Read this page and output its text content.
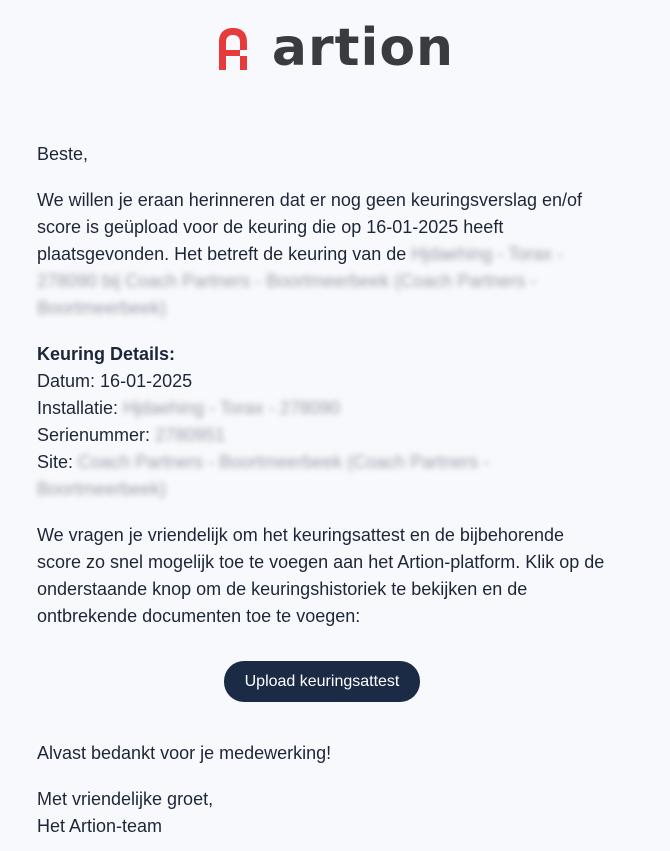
artion

Beste,

We willen je eraan herinneren dat er nog geen keuringsverslag en/of score is geüpload voor de keuring die op 16-01-2025 heeft plaatsgevonden. Het betreft de keuring van de Hjdaehing - Torax - 278090 bij Coach Partners - Boortmeerbeek (Coach Partners - Boortmeerbeek)

Keuring Details:
Datum: 16-01-2025
Installatie: Hjdaehing - Torax - 278090
Serienummer: 2780951
Site: Coach Partners - Boortmeerbeek (Coach Partners - Boortmeerbeek)

We vragen je vriendelijk om het keuringsattest en de bijbehorende score zo snel mogelijk toe te voegen aan het Artion-platform. Klik op de onderstaande knop om de keuringshistoriek te bekijken en de ontbrekende documenten toe te voegen:

Upload keuringsattest

Alvast bedankt voor je medewerking!

Met vriendelijke groet,

Het Artion-team
